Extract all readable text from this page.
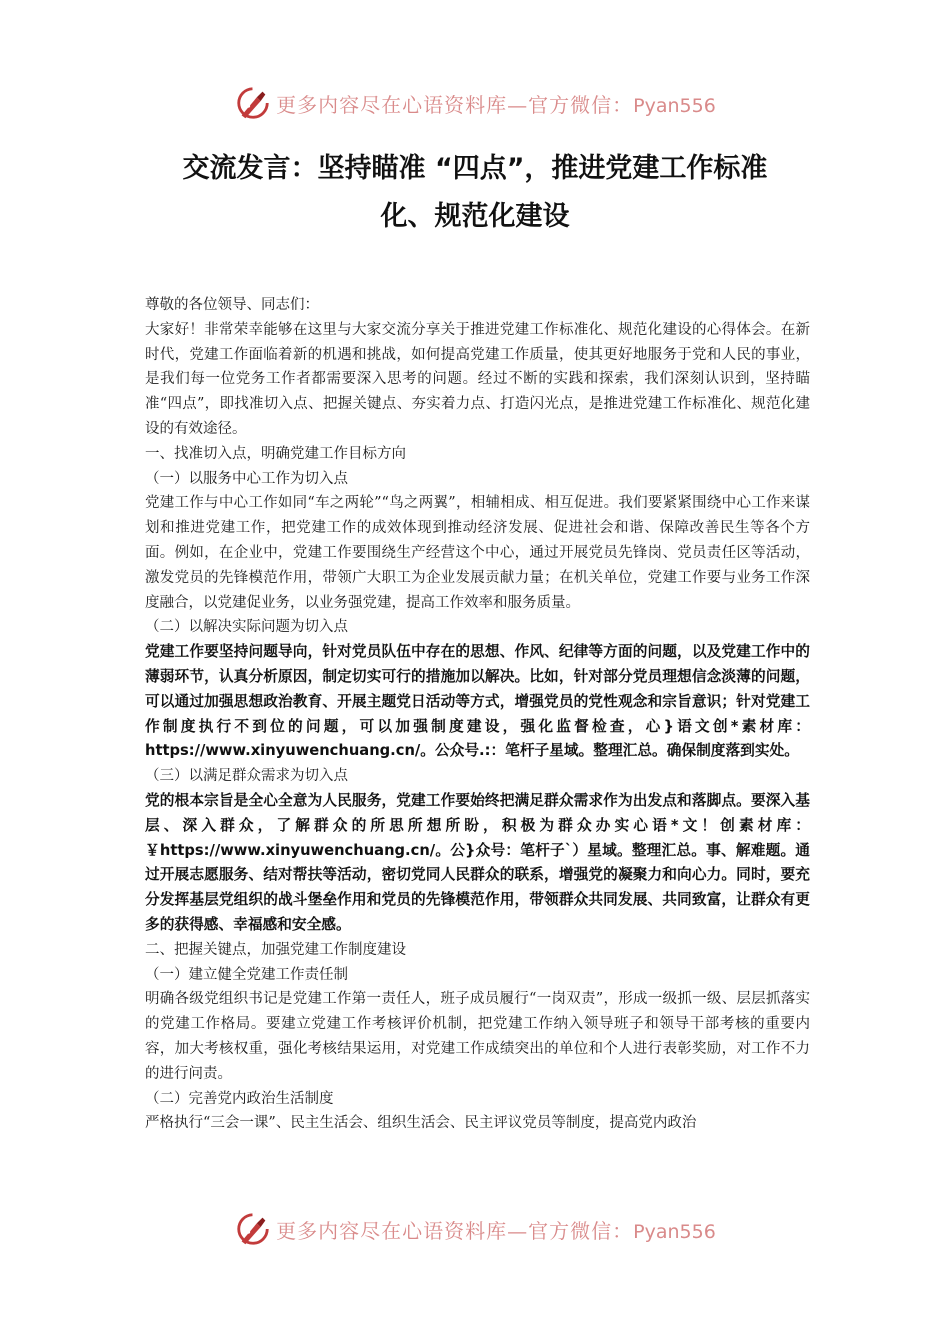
更多内容尽在心语资料库—官方微信：Pyan556
交流发言：坚持瞄准 “四点”，推进党建工作标准
化、规范化建设

尊敬的各位领导、同志们：

大家好！非常荣幸能够在这里与大家交流分享关于推进党建工作标准化、规范化建设的心得体会。在新时代，党建工作面临着新的机遇和挑战，如何提高党建工作质量，使其更好地服务于党和人民的事业，是我们每一位党务工作者都需要深入思考的问题。经过不断的实践和探索，我们深刻认识到，坚持瞄准“四点”，即找准切入点、把握关键点、夯实着力点、打造闪光点，是推进党建工作标准化、规范化建设的有效途径。

一、找准切入点，明确党建工作目标方向

（一）以服务中心工作为切入点

党建工作与中心工作如同“车之两轮”“鸟之两翼”，相辅相成、相互促进。我们要紧紧围绕中心工作来谋划和推进党建工作，把党建工作的成效体现到推动经济发展、促进社会和谐、保障改善民生等各个方面。例如，在企业中，党建工作要围绕生产经营这个中心，通过开展党员先锋岗、党员责任区等活动，激发党员的先锋模范作用，带领广大职工为企业发展贡献力量；在机关单位，党建工作要与业务工作深度融合，以党建促业务，以业务强党建，提高工作效率和服务质量。

（二）以解决实际问题为切入点

党建工作要坚持问题导向，针对党员队伍中存在的思想、作风、纪律等方面的问题，以及党建工作中的薄弱环节，认真分析原因，制定切实可行的措施加以解决。比如，针对部分党员理想信念淡薄的问题，可以通过加强思想政治教育、开展主题党日活动等方式，增强党员的党性观念和宗旨意识；针对党建工作制度执行不到位的问题，可以加强制度建设，强化监督检查，心}语文创*素材库：https://www.xinyuwenchuang.cn/。公众号.:：笔杆子星域。整理汇总。确保制度落到实处。

（三）以满足群众需求为切入点

党的根本宗旨是全心全意为人民服务，党建工作要始终把满足群众需求作为出发点和落脚点。要深入基层、深入群众，了解群众的所思所想所盼，积极为群众办实心语*文！创素材库：￥https://www.xinyuwenchuang.cn/。公}众号：笔杆子`）星域。整理汇总。事、解难题。通过开展志愿服务、结对帮扶等活动，密切党同人民群众的联系，增强党的凝聚力和向心力。同时，要充分发挥基层党组织的战斗堡垒作用和党员的先锋模范作用，带领群众共同发展、共同致富，让群众有更多的获得感、幸福感和安全感。

二、把握关键点，加强党建工作制度建设

（一）建立健全党建工作责任制

明确各级党组织书记是党建工作第一责任人，班子成员履行“一岗双责”，形成一级抓一级、层层抓落实的党建工作格局。要建立党建工作考核评价机制，把党建工作纳入领导班子和领导干部考核的重要内容，加大考核权重，强化考核结果运用，对党建工作成绩突出的单位和个人进行表彰奖励，对工作不力的进行问责。

（二）完善党内政治生活制度

严格执行“三会一课”、民主生活会、组织生活会、民主评议党员等制度，提高党内政治

更多内容尽在心语资料库—官方微信：Pyan556
